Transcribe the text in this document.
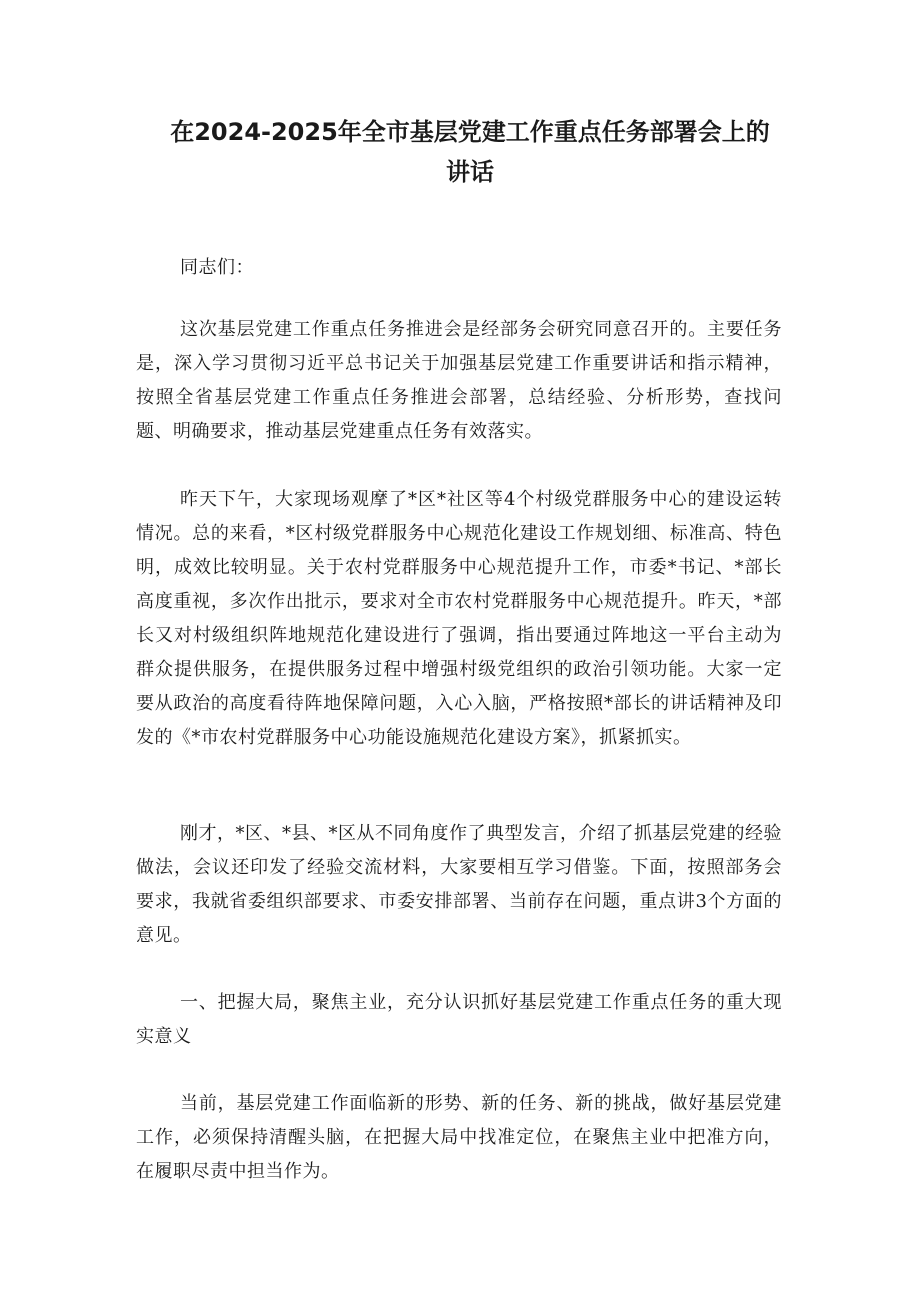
在2024-2025年全市基层党建工作重点任务部署会上的讲话

同志们：

这次基层党建工作重点任务推进会是经部务会研究同意召开的。主要任务是，深入学习贯彻习近平总书记关于加强基层党建工作重要讲话和指示精神，按照全省基层党建工作重点任务推进会部署，总结经验、分析形势，查找问题、明确要求，推动基层党建重点任务有效落实。

昨天下午，大家现场观摩了*区*社区等4个村级党群服务中心的建设运转情况。总的来看，*区村级党群服务中心规范化建设工作规划细、标准高、特色明，成效比较明显。关于农村党群服务中心规范提升工作，市委*书记、*部长高度重视，多次作出批示，要求对全市农村党群服务中心规范提升。昨天，*部长又对村级组织阵地规范化建设进行了强调，指出要通过阵地这一平台主动为群众提供服务，在提供服务过程中增强村级党组织的政治引领功能。大家一定要从政治的高度看待阵地保障问题，入心入脑，严格按照*部长的讲话精神及印发的《*市农村党群服务中心功能设施规范化建设方案》，抓紧抓实。

刚才，*区、*县、*区从不同角度作了典型发言，介绍了抓基层党建的经验做法，会议还印发了经验交流材料，大家要相互学习借鉴。下面，按照部务会要求，我就省委组织部要求、市委安排部署、当前存在问题，重点讲3个方面的意见。

一、把握大局，聚焦主业，充分认识抓好基层党建工作重点任务的重大现实意义

当前，基层党建工作面临新的形势、新的任务、新的挑战，做好基层党建工作，必须保持清醒头脑，在把握大局中找准定位，在聚焦主业中把准方向，在履职尽责中担当作为。
